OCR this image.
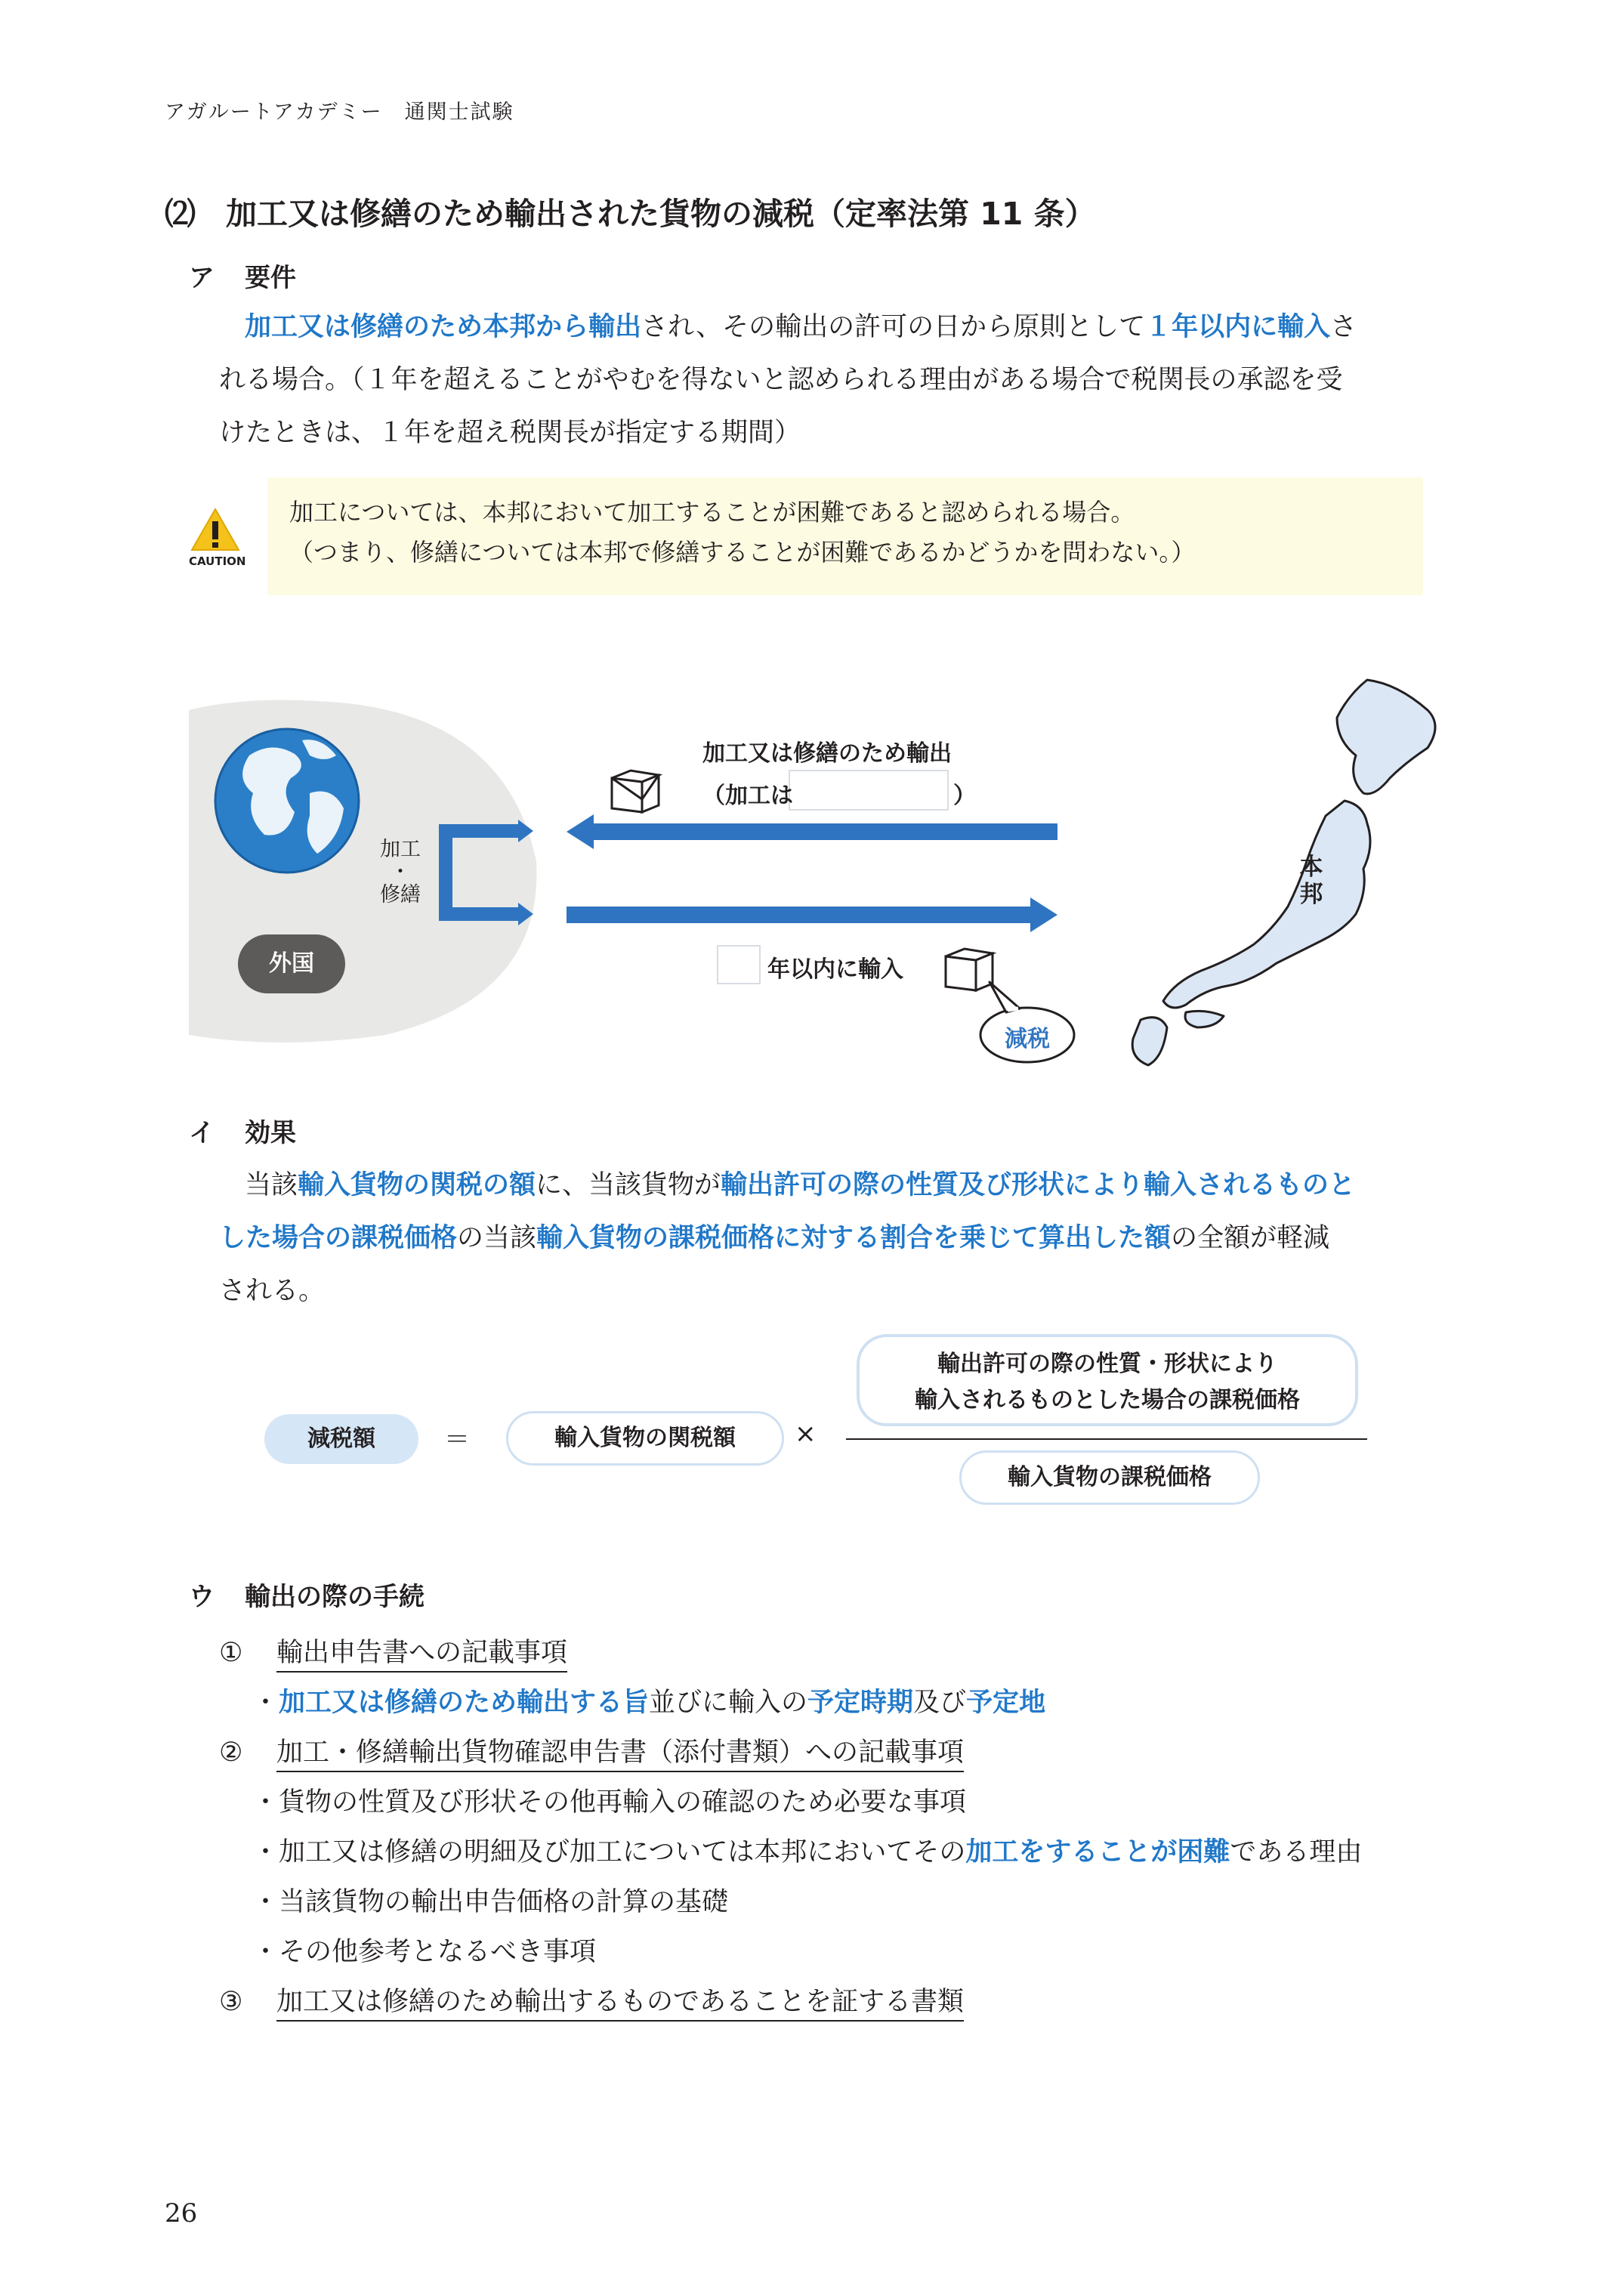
アガルートアカデミー　通関士試験
⑵ 加工又は修繕のため輸出された貨物の減税（定率法第 11 条）
ア 要件
加工又は修繕のため本邦から輸出され、その輸出の許可の日から原則として１年以内に輸入さ
れる場合。（１年を超えることがやむを得ないと認められる理由がある場合で税関長の承認を受
けたときは、１年を超え税関長が指定する期間）
CAUTION
加工については、本邦において加工することが困難であると認められる場合。
（つまり、修繕については本邦で修繕することが困難であるかどうかを問わない。）
加工又は修繕のため輸出
（加工は	）
加工
・
修繕
外国	年以内に輸入
減税
本
邦
イ 効果
当該輸入貨物の関税の額に、当該貨物が輸出許可の際の性質及び形状により輸入されるものと
した場合の課税価格の当該輸入貨物の課税価格に対する割合を乗じて算出した額の全額が軽減
される。
減税額	＝	輸入貨物の関税額	×
輸出許可の際の性質・形状により
輸入されるものとした場合の課税価格
輸入貨物の課税価格
ウ 輸出の際の手続
① 輸出申告書への記載事項
・加工又は修繕のため輸出する旨並びに輸入の予定時期及び予定地
② 加工・修繕輸出貨物確認申告書（添付書類）への記載事項
・貨物の性質及び形状その他再輸入の確認のため必要な事項
・加工又は修繕の明細及び加工については本邦においてその加工をすることが困難である理由
・当該貨物の輸出申告価格の計算の基礎
・その他参考となるべき事項
③ 加工又は修繕のため輸出するものであることを証する書類
26
